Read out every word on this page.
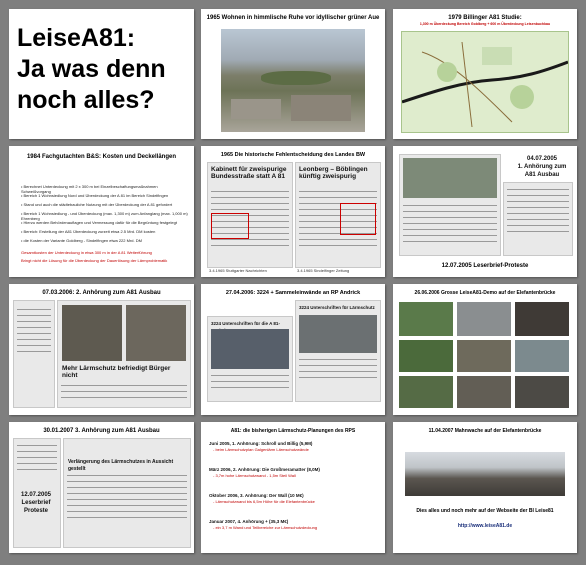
LeiseA81:
Ja was denn
noch alles?
1965 Wohnen in himmlische Ruhe vor idyllischer grüner Aue	1979 Billinger A81 Studie:
1,300 m Überdeckung Bereich Goldberg + 600 m Überdeckung Leisenbuchkau
1984 Fachgutachten B&S: Kosten und Deckellängen
• Berechnet Unterdeckung mit 2 x 300 m bei Einzelbeschaftungsmaßnahmen Schweißvorgang
• Bereich 1 Wohnsiedlung Nord und Überdeckung der A 81 im Bereich Sindelfingen
• Stand und auch die städtebauliche Nutzung mit der Überdeckung der A 81 gefordert
• Bereich 1 Wohnsiedlung - und Überdeckung (max. 1,300 m) zum Anfanglang (max. 1,000 m) Ehrenberg
• Hierzu werden Behördenauflagen und Vermessung dafür für die Begrüntung festgelegt
• Bereich: Erstellung der A81 Überdeckung zurzeit etwa 2.5 Mrd. DM kosten
• die Kosten der Variante Goldberg - Sindelfingen etwa 222 Mrd. DM
Gesamtkosten der Unterdeckung in etwa 300 m in der A 81 Weiterführung
Bringt nicht die Lösung für die Überdeckung der Dauerlösung der Lärmproblematik
1965 Die historische Fehlentscheidung des Landes BW
Kabinett für zweispurige Bundesstraße statt A 81
Leonberg – Böblingen künftig zweispurig
3.4.1965 Stuttgarter Nachrichten	3.4.1965 Sindelfinger Zeitung
04.07.2005
1. Anhörung zum
A81 Ausbau
12.07.2005 Leserbrief-Proteste
07.03.2006: 2. Anhörung zum A81 Ausbau
Mehr Lärmschutz befriedigt Bürger nicht
27.04.2006: 3224 + Sammeleinwände an RP Andrick
3224 Unterschriften für die A 81-
3224 Unterschriften für Lärmschutz
26.06.2006 Grosse LeiseA81-Demo auf der Elefantenbrücke
30.01.2007 3. Anhörung zum A81 Ausbau
12.07.2005
Leserbrief
Proteste
Verlängerung des Lärmschutzes in Aussicht gestellt
A81: die bisherigen Lärmschutz-Planungen des RPS
Juni 2005, 1. Anhörung: Schroll und Billig (5,9M)
- beim Lärmschutzplan Galgenlärm Lärmschutzwände
März 2006, 2. Anhörung: Die Großmeramatter (8,0M)
- 3,7m hohe Lärmschutzwand - 1,5m Steil Wall
Oktober 2006, 3. Anhörung: Der Wall (10 M€)
- Lärmschutzwand bis 6,5m Höhe für die Elefantenbrücke
Januar 2007, 4. Anhörung + (35,3 M€)
- ein 3,7 m Wand und Teilbereiche zur Lärmschutzdeckung
11.04.2007 Mahnwache auf der Elefantenbrücke
Dies alles und noch mehr auf der Webseite der BI Leise81
http://www.leiseA81.de
